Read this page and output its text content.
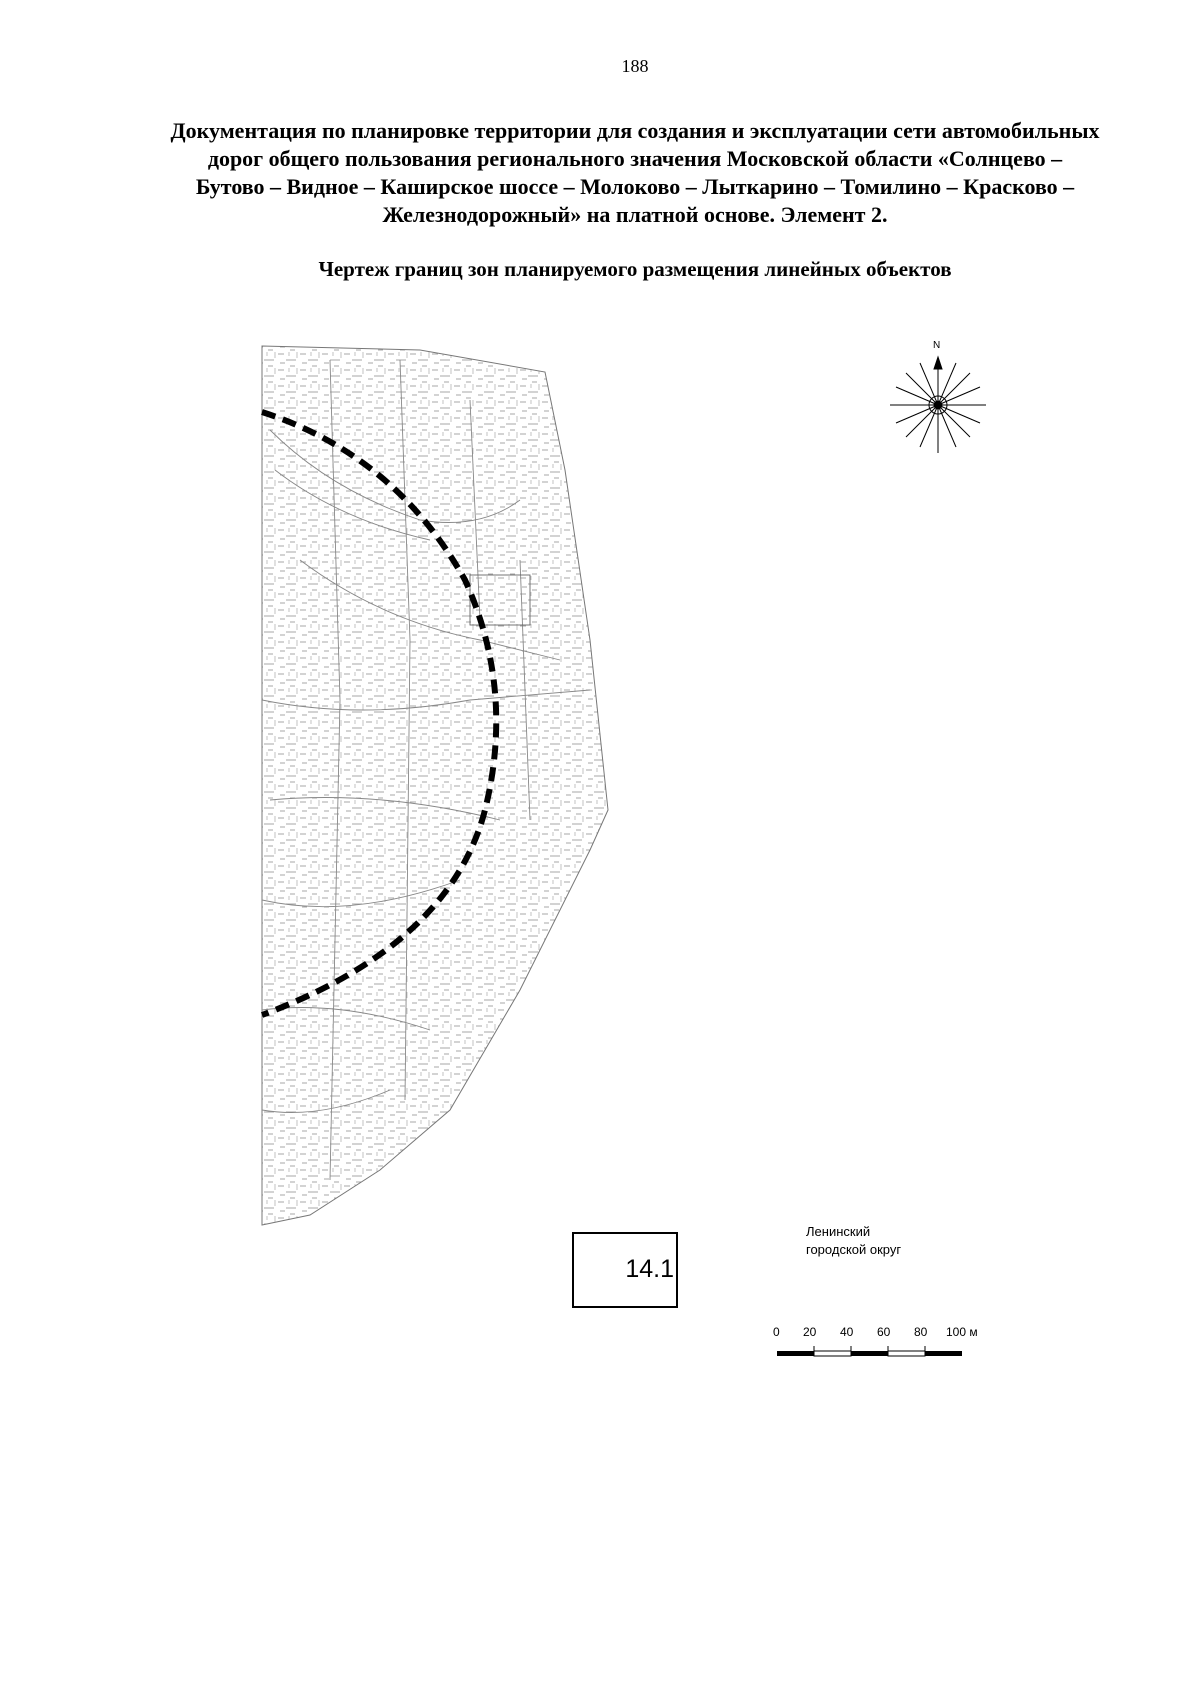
188
Документация по планировке территории для создания и эксплуатации сети автомобильных
дорог общего пользования регионального значения Московской области «Солнцево –
Бутово – Видное – Каширское шоссе – Молоково – Лыткарино – Томилино – Красково –
Железнодорожный» на платной основе. Элемент 2.
Чертеж границ зон планируемого размещения линейных объектов
N
14.1
Ленинский
городской округ
0 20 40 60 80 100 м
